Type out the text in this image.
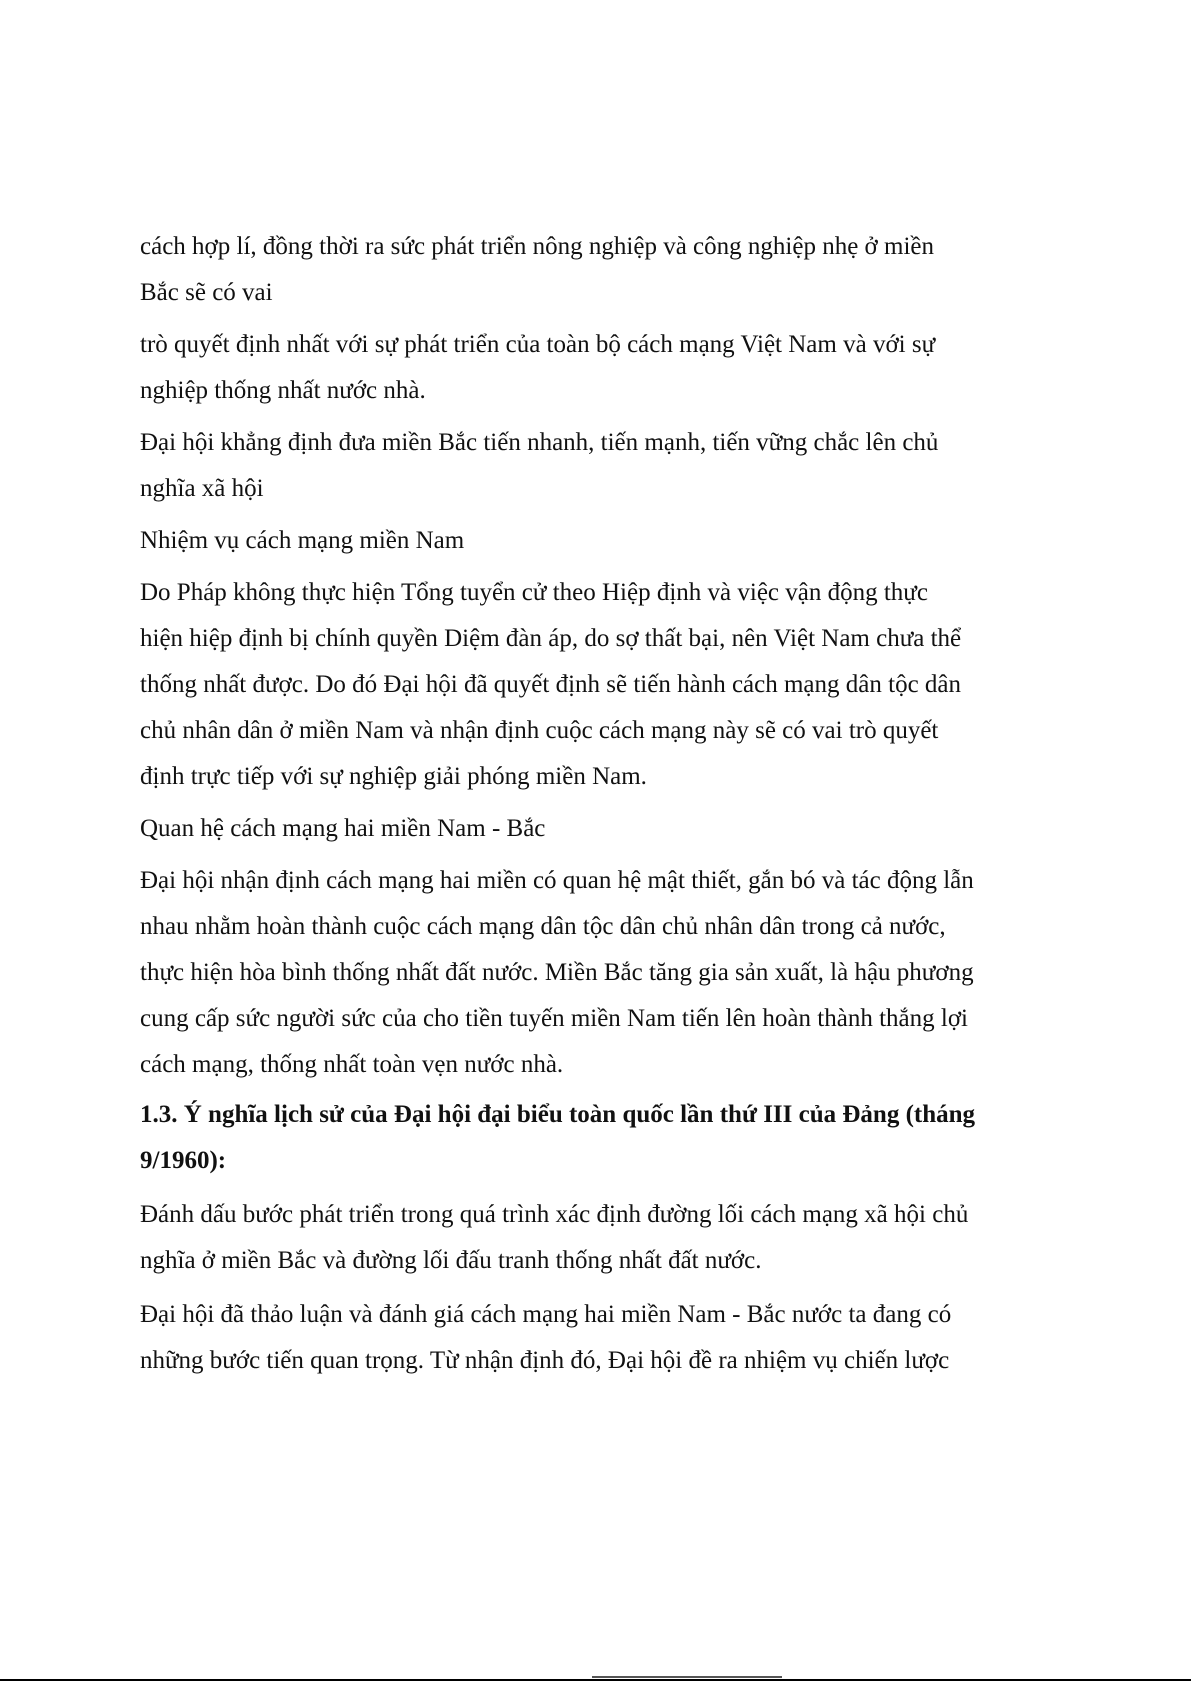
cách hợp lí, đồng thời ra sức phát triển nông nghiệp và công nghiệp nhẹ ở miền
Bắc sẽ có vai

trò quyết định nhất với sự phát triển của toàn bộ cách mạng Việt Nam và với sự
nghiệp thống nhất nước nhà.

Đại hội khẳng định đưa miền Bắc tiến nhanh, tiến mạnh, tiến vững chắc lên chủ
nghĩa xã hội

Nhiệm vụ cách mạng miền Nam

Do Pháp không thực hiện Tổng tuyển cử theo Hiệp định và việc vận động thực
hiện hiệp định bị chính quyền Diệm đàn áp, do sợ thất bại, nên Việt Nam chưa thể
thống nhất được. Do đó Đại hội đã quyết định sẽ tiến hành cách mạng dân tộc dân
chủ nhân dân ở miền Nam và nhận định cuộc cách mạng này sẽ có vai trò quyết
định trực tiếp với sự nghiệp giải phóng miền Nam.

Quan hệ cách mạng hai miền Nam - Bắc

Đại hội nhận định cách mạng hai miền có quan hệ mật thiết, gắn bó và tác động lẫn
nhau nhằm hoàn thành cuộc cách mạng dân tộc dân chủ nhân dân trong cả nước,
thực hiện hòa bình thống nhất đất nước. Miền Bắc tăng gia sản xuất, là hậu phương
cung cấp sức người sức của cho tiền tuyến miền Nam tiến lên hoàn thành thắng lợi
cách mạng, thống nhất toàn vẹn nước nhà.

1.3. Ý nghĩa lịch sử của Đại hội đại biểu toàn quốc lần thứ III của Đảng (tháng
9/1960):

Đánh dấu bước phát triển trong quá trình xác định đường lối cách mạng xã hội chủ
nghĩa ở miền Bắc và đường lối đấu tranh thống nhất đất nước.

Đại hội đã thảo luận và đánh giá cách mạng hai miền Nam - Bắc nước ta đang có
những bước tiến quan trọng. Từ nhận định đó, Đại hội đề ra nhiệm vụ chiến lược
